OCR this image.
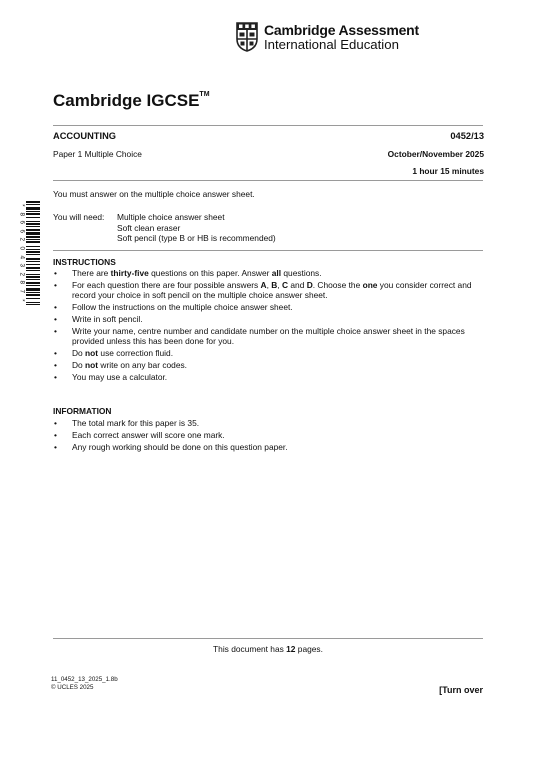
Cambridge Assessment
International Education
Cambridge IGCSE™
ACCOUNTING	0452/13
Paper 1 Multiple Choice	October/November 2025
1 hour 15 minutes
*
8
6
6
2
0
4
3
2
8
7
*
You must answer on the multiple choice answer sheet.
You will need: Multiple choice answer sheet
Soft clean eraser
Soft pencil (type B or HB is recommended)
INSTRUCTIONS
• There are thirty-five questions on this paper. Answer all questions.
• For each question there are four possible answers A, B, C and D. Choose the one you consider correct and record your choice in soft pencil on the multiple choice answer sheet.
• Follow the instructions on the multiple choice answer sheet.
• Write in soft pencil.
• Write your name, centre number and candidate number on the multiple choice answer sheet in the spaces provided unless this has been done for you.
• Do not use correction fluid.
• Do not write on any bar codes.
• You may use a calculator.
INFORMATION
• The total mark for this paper is 35.
• Each correct answer will score one mark.
• Any rough working should be done on this question paper.
This document has 12 pages.
11_0452_13_2025_1.8b
© UCLES 2025	[Turn over
